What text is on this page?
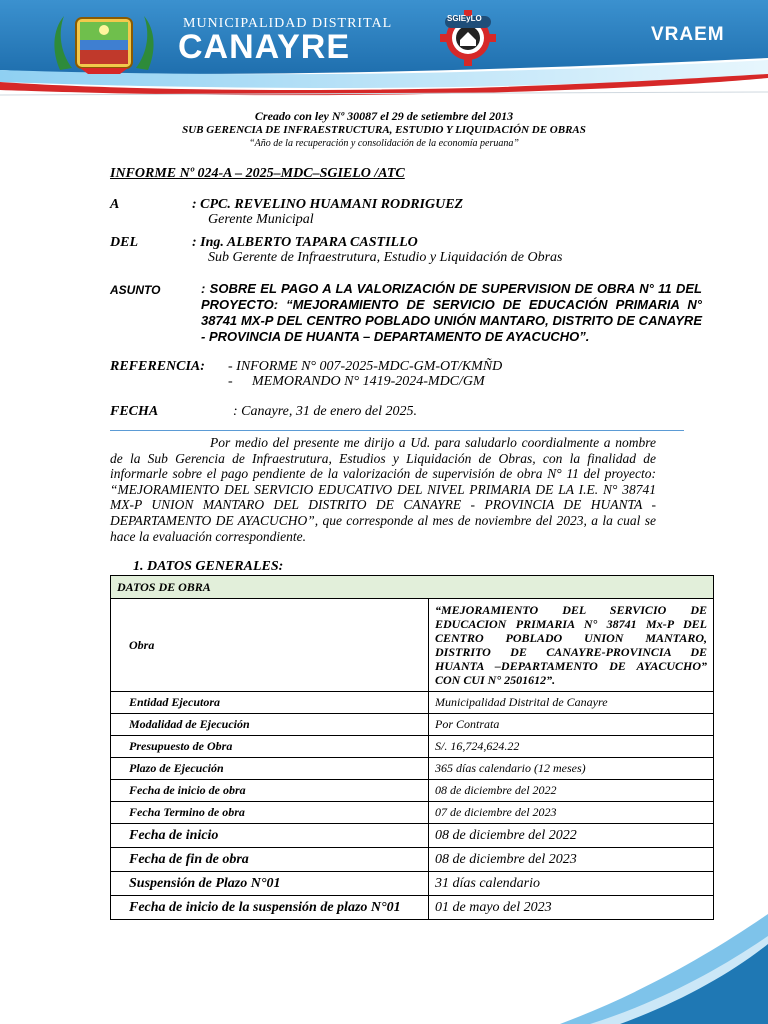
MUNICIPALIDAD DISTRITAL
CANAYRE
SGIEyLO
VRAEM
Creado con ley Nº 30087 el 29 de setiembre del 2013
SUB GERENCIA DE INFRAESTRUCTURA, ESTUDIO Y LIQUIDACIÓN DE OBRAS
“Año de la recuperación y consolidación de la economía peruana”
INFORME Nº 024-A – 2025–MDC–SGIELO /ATC
A	: CPC. REVELINO HUAMANI RODRIGUEZ
Gerente Municipal
DEL	: Ing. ALBERTO TAPARA CASTILLO
Sub Gerente de Infraestrutura, Estudio y Liquidación de Obras
ASUNTO	: SOBRE EL PAGO A LA VALORIZACIÓN DE SUPERVISION DE OBRA N° 11 DEL PROYECTO: “MEJORAMIENTO DE SERVICIO DE EDUCACIÓN PRIMARIA N° 38741 MX-P DEL CENTRO POBLADO UNIÓN MANTARO, DISTRITO DE CANAYRE - PROVINCIA DE HUANTA – DEPARTAMENTO DE AYACUCHO”.
REFERENCIA: - INFORME N° 007-2025-MDC-GM-OT/KMÑD
- MEMORANDO N° 1419-2024-MDC/GM
FECHA	: Canayre, 31 de enero del 2025.
Por medio del presente me dirijo a Ud. para saludarlo coordialmente a nombre de la Sub Gerencia de Infraestrutura, Estudios y Liquidación de Obras, con la finalidad de informarle sobre el pago pendiente de la valorización de supervisión de obra N° 11 del proyecto: “MEJORAMIENTO DEL SERVICIO EDUCATIVO DEL NIVEL PRIMARIA DE LA I.E. N° 38741 MX-P UNION MANTARO DEL DISTRITO DE CANAYRE - PROVINCIA DE HUANTA - DEPARTAMENTO DE AYACUCHO”, que corresponde al mes de noviembre del 2023, a la cual se hace la evaluación correspondiente.
1. DATOS GENERALES:
DATOS DE OBRA	
Obra	“MEJORAMIENTO DEL SERVICIO DE EDUCACION PRIMARIA N° 38741 Mx-P DEL CENTRO POBLADO UNION MANTARO, DISTRITO DE CANAYRE-PROVINCIA DE HUANTA –DEPARTAMENTO DE AYACUCHO” CON CUI N° 2501612”.
Entidad Ejecutora	Municipalidad Distrital de Canayre
Modalidad de Ejecución	Por Contrata
Presupuesto de Obra	S/. 16,724,624.22
Plazo de Ejecución	365 días calendario (12 meses)
Fecha de inicio de obra	08 de diciembre del 2022
Fecha Termino de obra	07 de diciembre del 2023
Fecha de inicio	08 de diciembre del 2022
Fecha de fin de obra	08 de diciembre del 2023
Suspensión de Plazo N°01	31 días calendario
Fecha de inicio de la suspensión de plazo N°01	01 de mayo del 2023
